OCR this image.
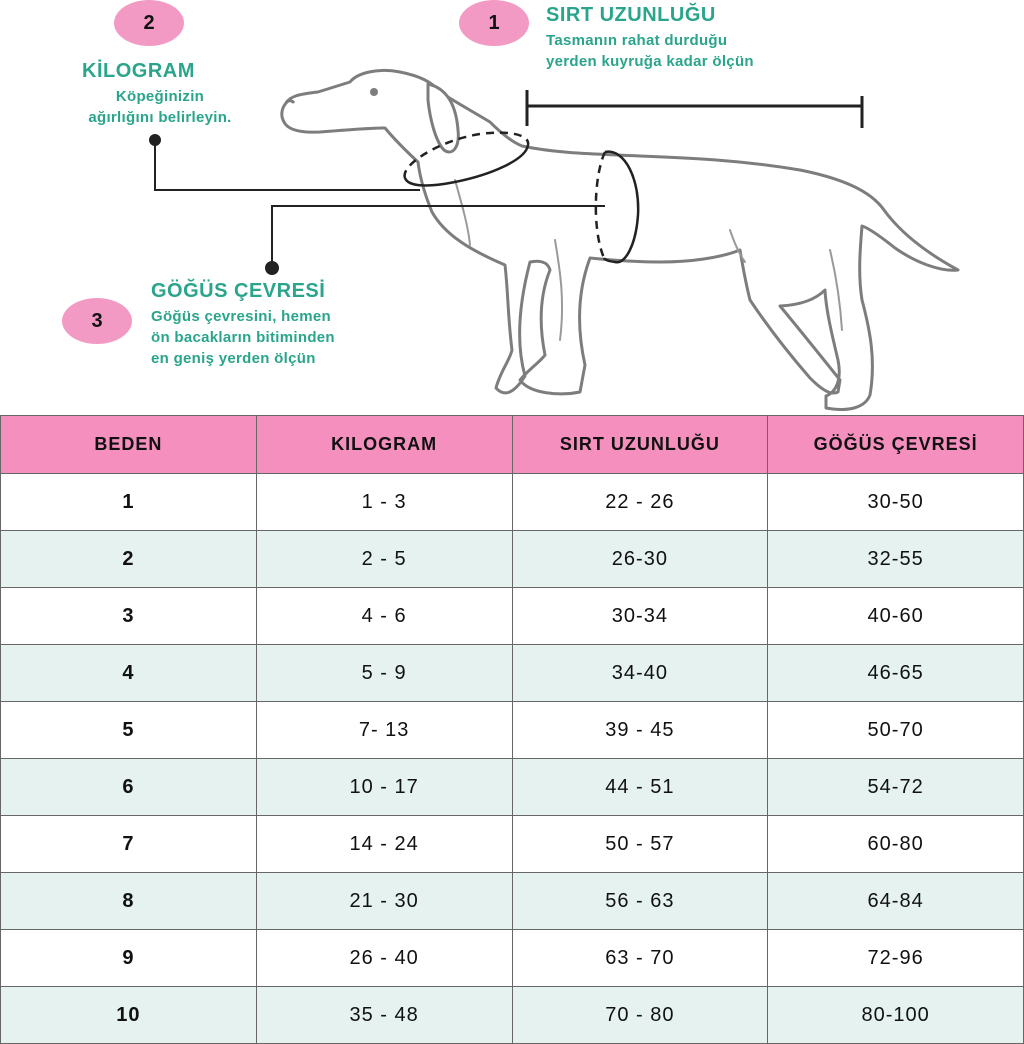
1	SIRT UZUNLUĞU
Tasmanın rahat durduğu
yerden kuyruğa kadar ölçün
2
KİLOGRAM
Köpeğinizin
ağırlığını belirleyin.
3
GÖĞÜS ÇEVRESİ
Göğüs çevresini, hemen
ön bacakların bitiminden
en geniş yerden ölçün
BEDEN	KILOGRAM	SIRT UZUNLUĞU	GÖĞÜS ÇEVRESİ
1	1 - 3	22 - 26	30-50
2	2 - 5	26-30	32-55
3	4 - 6	30-34	40-60
4	5 - 9	34-40	46-65
5	7- 13	39 - 45	50-70
6	10 - 17	44 - 51	54-72
7	14 - 24	50 - 57	60-80
8	21 - 30	56 - 63	64-84
9	26 - 40	63 - 70	72-96
10	35 - 48	70 - 80	80-100
